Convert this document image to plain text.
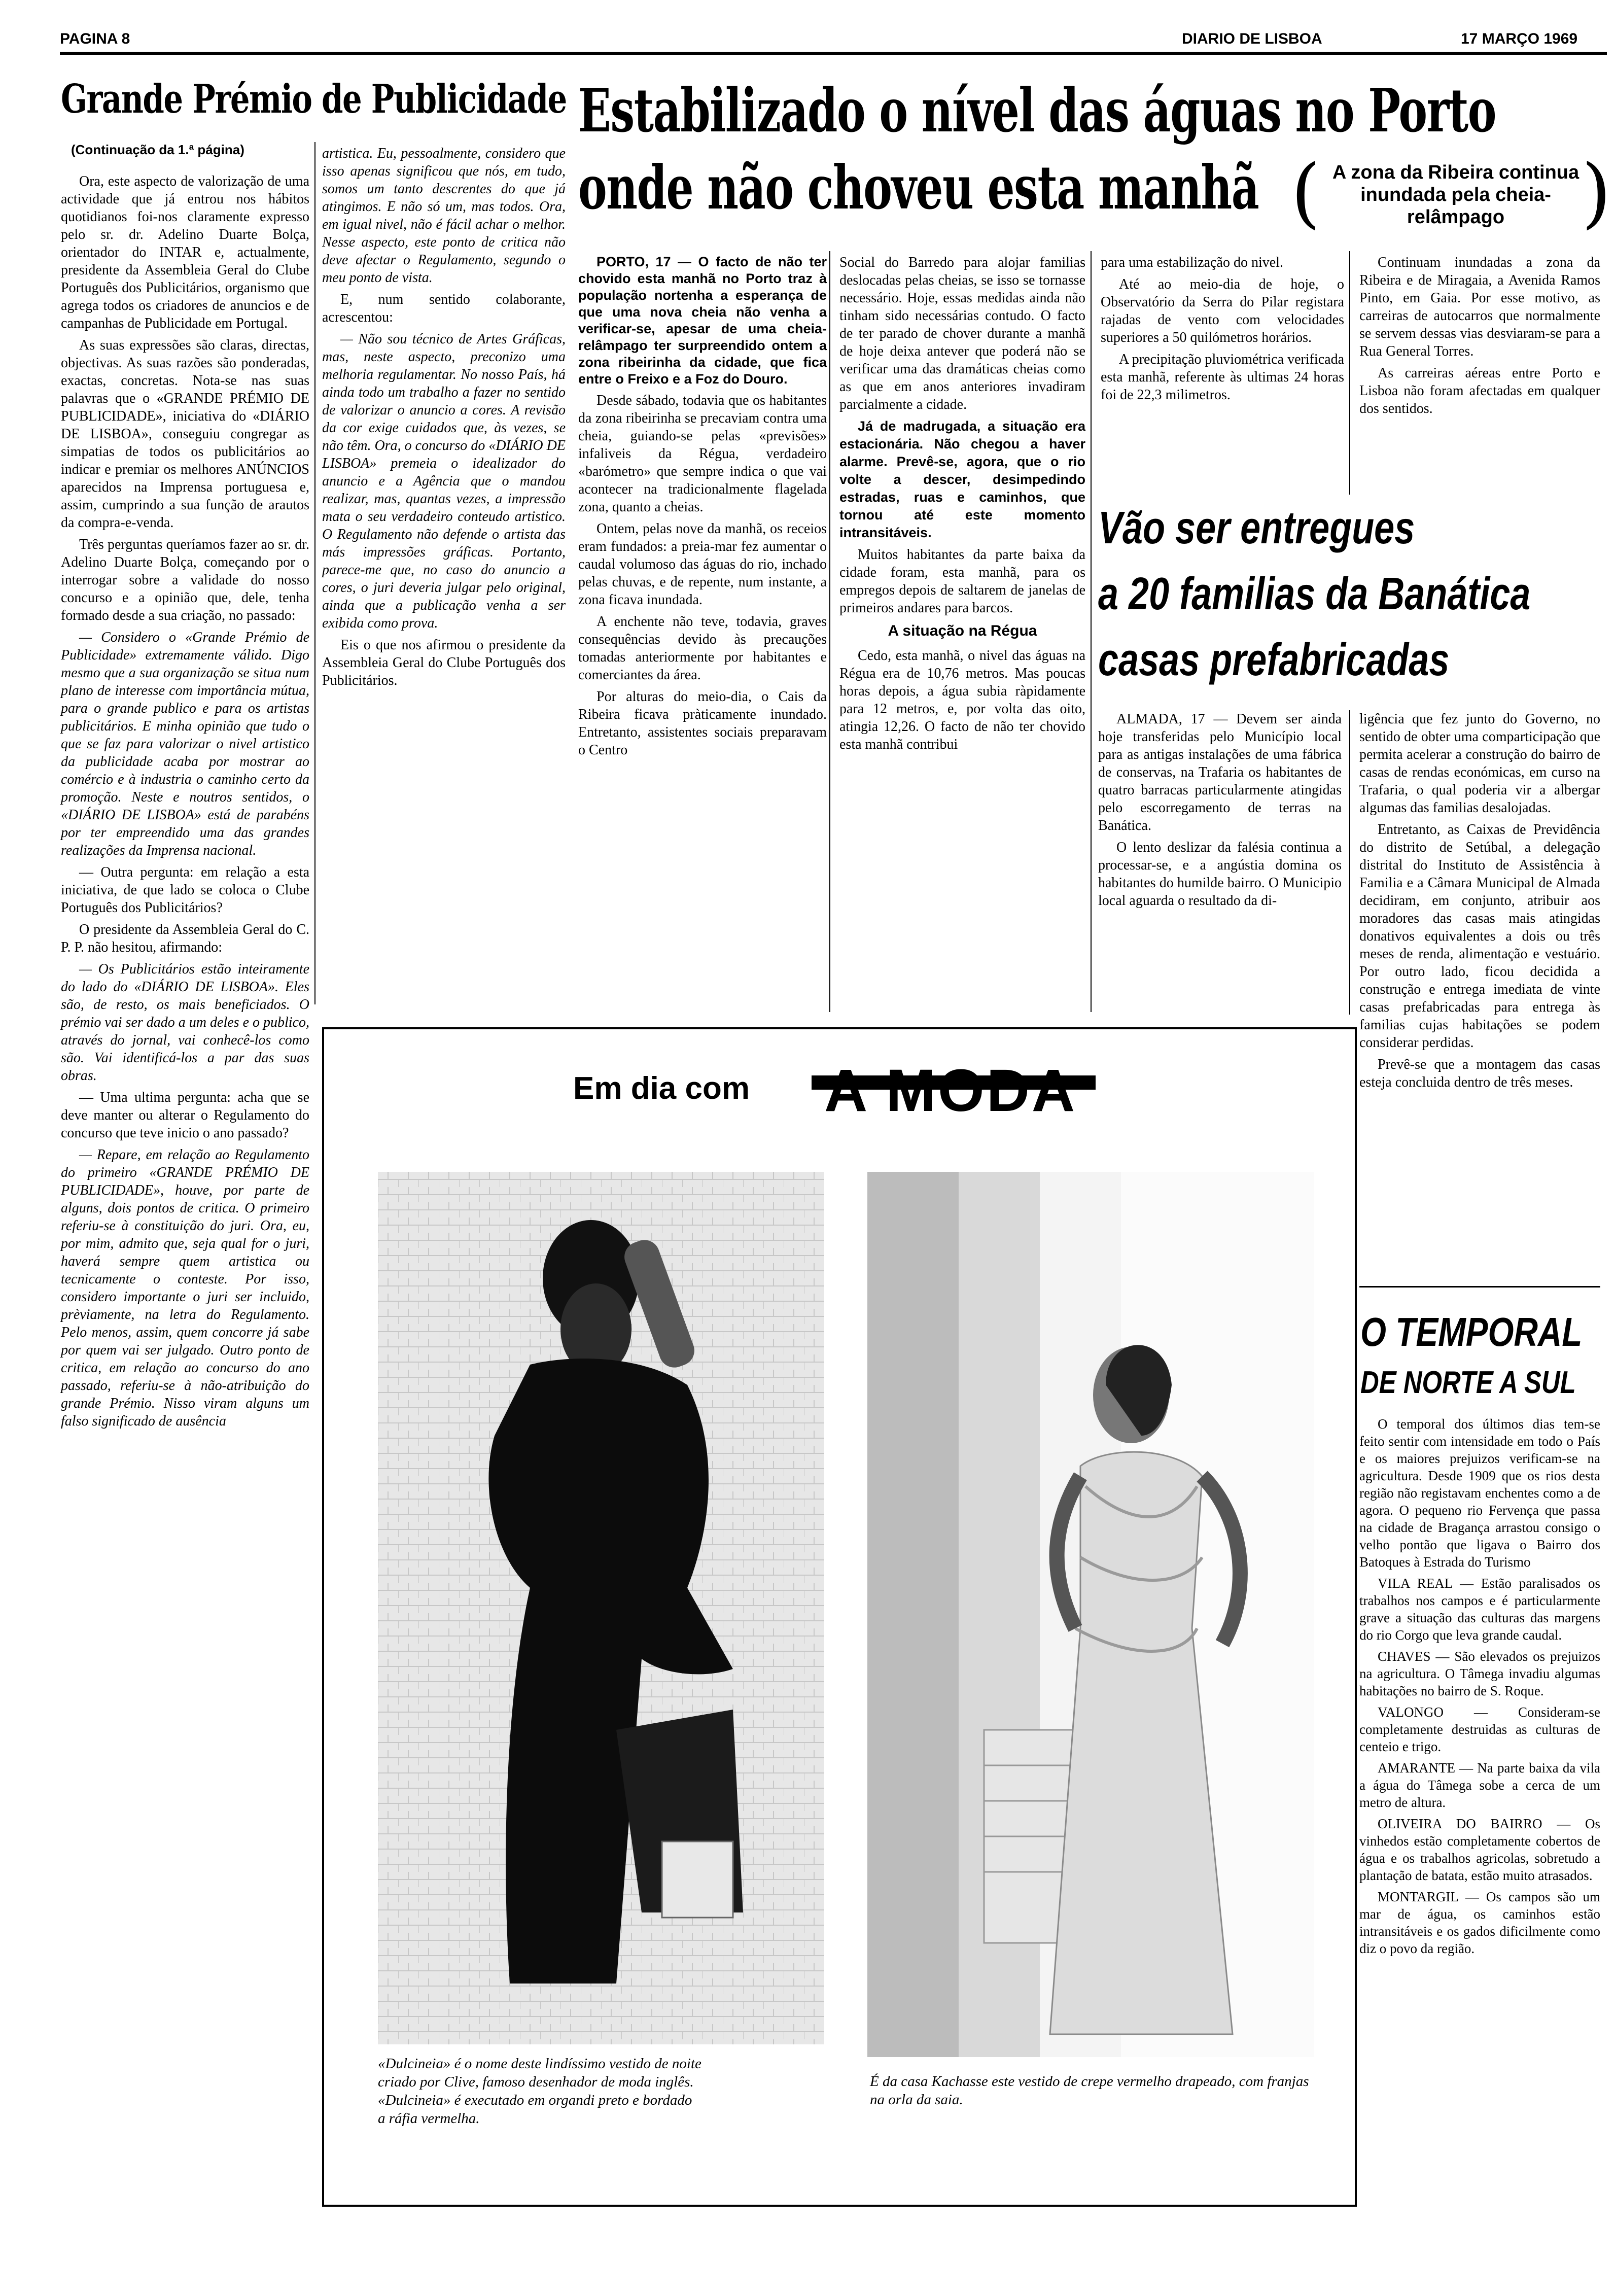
PAGINA 8	DIARIO DE LISBOA	17 MARÇO 1969
Grande Prémio de Publicidade
(Continuação da 1.ª página)

Ora, este aspecto de valorização de uma actividade que já entrou nos hábitos quotidianos foi-nos claramente expresso pelo sr. dr. Adelino Duarte Bolça, orientador do INTAR e, actualmente, presidente da Assembleia Geral do Clube Português dos Publicitários, organismo que agrega todos os criadores de anuncios e de campanhas de Publicidade em Portugal.

As suas expressões são claras, directas, objectivas. As suas razões são ponderadas, exactas, concretas. Nota-se nas suas palavras que o «GRANDE PRÉMIO DE PUBLICIDADE», iniciativa do «DIÁRIO DE LISBOA», conseguiu congregar as simpatias de todos os publicitários ao indicar e premiar os melhores ANÚNCIOS aparecidos na Imprensa portuguesa e, assim, cumprindo a sua função de arautos da compra-e-venda.

Três perguntas queríamos fazer ao sr. dr. Adelino Duarte Bolça, começando por o interrogar sobre a validade do nosso concurso e a opinião que, dele, tenha formado desde a sua criação, no passado:

— Considero o «Grande Prémio de Publicidade» extremamente válido. Digo mesmo que a sua organização se situa num plano de interesse com importância mútua, para o grande publico e para os artistas publicitários. E minha opinião que tudo o que se faz para valorizar o nivel artistico da publicidade acaba por mostrar ao comércio e à industria o caminho certo da promoção. Neste e noutros sentidos, o «DIÁRIO DE LISBOA» está de parabéns por ter empreendido uma das grandes realizações da Imprensa nacional.

— Outra pergunta: em relação a esta iniciativa, de que lado se coloca o Clube Português dos Publicitários?

O presidente da Assembleia Geral do C. P. P. não hesitou, afirmando:

— Os Publicitários estão inteiramente do lado do «DIÁRIO DE LISBOA». Eles são, de resto, os mais beneficiados. O prémio vai ser dado a um deles e o publico, através do jornal, vai conhecê-los como são. Vai identificá-los a par das suas obras.

— Uma ultima pergunta: acha que se deve manter ou alterar o Regulamento do concurso que teve inicio o ano passado?

— Repare, em relação ao Regulamento do primeiro «GRANDE PRÉMIO DE PUBLICIDADE», houve, por parte de alguns, dois pontos de critica. O primeiro referiu-se à constituição do juri. Ora, eu, por mim, admito que, seja qual for o juri, haverá sempre quem artistica ou tecnicamente o conteste. Por isso, considero importante o juri ser incluido, prèviamente, na letra do Regulamento. Pelo menos, assim, quem concorre já sabe por quem vai ser julgado. Outro ponto de critica, em relação ao concurso do ano passado, referiu-se à não-atribuição do grande Prémio. Nisso viram alguns um falso significado de ausência

artistica. Eu, pessoalmente, considero que isso apenas significou que nós, em tudo, somos um tanto descrentes do que já atingimos. E não só um, mas todos. Ora, em igual nivel, não é fácil achar o melhor. Nesse aspecto, este ponto de critica não deve afectar o Regulamento, segundo o meu ponto de vista.

E, num sentido colaborante, acrescentou:

— Não sou técnico de Artes Gráficas, mas, neste aspecto, preconizo uma melhoria regulamentar. No nosso País, há ainda todo um trabalho a fazer no sentido de valorizar o anuncio a cores. A revisão da cor exige cuidados que, às vezes, se não têm. Ora, o concurso do «DIÁRIO DE LISBOA» premeia o idealizador do anuncio e a Agência que o mandou realizar, mas, quantas vezes, a impressão mata o seu verdadeiro conteudo artistico. O Regulamento não defende o artista das más impressões gráficas. Portanto, parece-me que, no caso do anuncio a cores, o juri deveria julgar pelo original, ainda que a publicação venha a ser exibida como prova.

Eis o que nos afirmou o presidente da Assembleia Geral do Clube Português dos Publicitários.

Estabilizado o nível das águas no Porto
onde não choveu esta manhã ( A zona da Ribeira continua inundada pela cheia-relâmpago	)

PORTO, 17 — O facto de não ter chovido esta manhã no Porto traz à população nortenha a esperança de que uma nova cheia não venha a verificar-se, apesar de uma cheia-relâmpago ter surpreendido ontem a zona ribeirinha da cidade, que fica entre o Freixo e a Foz do Douro.

Desde sábado, todavia que os habitantes da zona ribeirinha se precaviam contra uma cheia, guiando-se pelas «previsões» infaliveis da Régua, verdadeiro «barómetro» que sempre indica o que vai acontecer na tradicionalmente flagelada zona, quanto a cheias.

Ontem, pelas nove da manhã, os receios eram fundados: a preia-mar fez aumentar o caudal volumoso das águas do rio, inchado pelas chuvas, e de repente, num instante, a zona ficava inundada.

A enchente não teve, todavia, graves consequências devido às precauções tomadas anteriormente por habitantes e comerciantes da área.

Por alturas do meio-dia, o Cais da Ribeira ficava pràticamente inundado. Entretanto, assistentes sociais preparavam o Centro

Social do Barredo para alojar familias deslocadas pelas cheias, se isso se tornasse necessário. Hoje, essas medidas ainda não tinham sido necessárias contudo. O facto de ter parado de chover durante a manhã de hoje deixa antever que poderá não se verificar uma das dramáticas cheias como as que em anos anteriores invadiram parcialmente a cidade.

Já de madrugada, a situação era estacionária. Não chegou a haver alarme. Prevê-se, agora, que o rio volte a descer, desimpedindo estradas, ruas e caminhos, que tornou até este momento intransitáveis.

Muitos habitantes da parte baixa da cidade foram, esta manhã, para os empregos depois de saltarem de janelas de primeiros andares para barcos.

A situação na Régua

Cedo, esta manhã, o nivel das águas na Régua era de 10,76 metros. Mas poucas horas depois, a água subia ràpidamente para 12 metros, e, por volta das oito, atingia 12,26. O facto de não ter chovido esta manhã contribui

para uma estabilização do nivel.

Até ao meio-dia de hoje, o Observatório da Serra do Pilar registara rajadas de vento com velocidades superiores a 50 quilómetros horários.

A precipitação pluviométrica verificada esta manhã, referente às ultimas 24 horas foi de 22,3 milimetros.

Continuam inundadas a zona da Ribeira e de Miragaia, a Avenida Ramos Pinto, em Gaia. Por esse motivo, as carreiras de autocarros que normalmente se servem dessas vias desviaram-se para a Rua General Torres.

As carreiras aéreas entre Porto e Lisboa não foram afectadas em qualquer dos sentidos.

Vão ser entregues
a 20 familias da Banática
casas prefabricadas

ALMADA, 17 — Devem ser ainda hoje transferidas pelo Município local para as antigas instalações de uma fábrica de conservas, na Trafaria os habitantes de quatro barracas particularmente atingidas pelo escorregamento de terras na Banática.

O lento deslizar da falésia continua a processar-se, e a angústia domina os habitantes do humilde bairro. O Municipio local aguarda o resultado da di-

ligência que fez junto do Governo, no sentido de obter uma comparticipação que permita acelerar a construção do bairro de casas de rendas económicas, em curso na Trafaria, o qual poderia vir a albergar algumas das familias desalojadas.

Entretanto, as Caixas de Previdência do distrito de Setúbal, a delegação distrital do Instituto de Assistência à Familia e a Câmara Municipal de Almada decidiram, em conjunto, atribuir aos moradores das casas mais atingidas donativos equivalentes a dois ou três meses de renda, alimentação e vestuário. Por outro lado, ficou decidida a construção e entrega imediata de vinte casas prefabricadas para entrega às familias cujas habitações se podem considerar perdidas.

Prevê-se que a montagem das casas esteja concluida dentro de três meses.

Em dia com A MODA
«Dulcineia» é o nome deste lindíssimo vestido de noite criado por Clive, famoso desenhador de moda inglês. «Dulcineia» é executado em organdi preto e bordado a ráfia vermelha.
É da casa Kachasse este vestido de crepe vermelho drapeado, com franjas na orla da saia.
O TEMPORAL
DE NORTE A SUL

O temporal dos últimos dias tem-se feito sentir com intensidade em todo o País e os maiores prejuizos verificam-se na agricultura. Desde 1909 que os rios desta região não registavam enchentes como a de agora. O pequeno rio Fervença que passa na cidade de Bragança arrastou consigo o velho pontão que ligava o Bairro dos Batoques à Estrada do Turismo

VILA REAL — Estão paralisados os trabalhos nos campos e é particularmente grave a situação das culturas das margens do rio Corgo que leva grande caudal.

CHAVES — São elevados os prejuizos na agricultura. O Tâmega invadiu algumas habitações no bairro de S. Roque.

VALONGO — Consideram-se completamente destruidas as culturas de centeio e trigo.

AMARANTE — Na parte baixa da vila a água do Tâmega sobe a cerca de um metro de altura.

OLIVEIRA DO BAIRRO — Os vinhedos estão completamente cobertos de água e os trabalhos agricolas, sobretudo a plantação de batata, estão muito atrasados.

MONTARGIL — Os campos são um mar de água, os caminhos estão intransitáveis e os gados dificilmente como diz o povo da região.
